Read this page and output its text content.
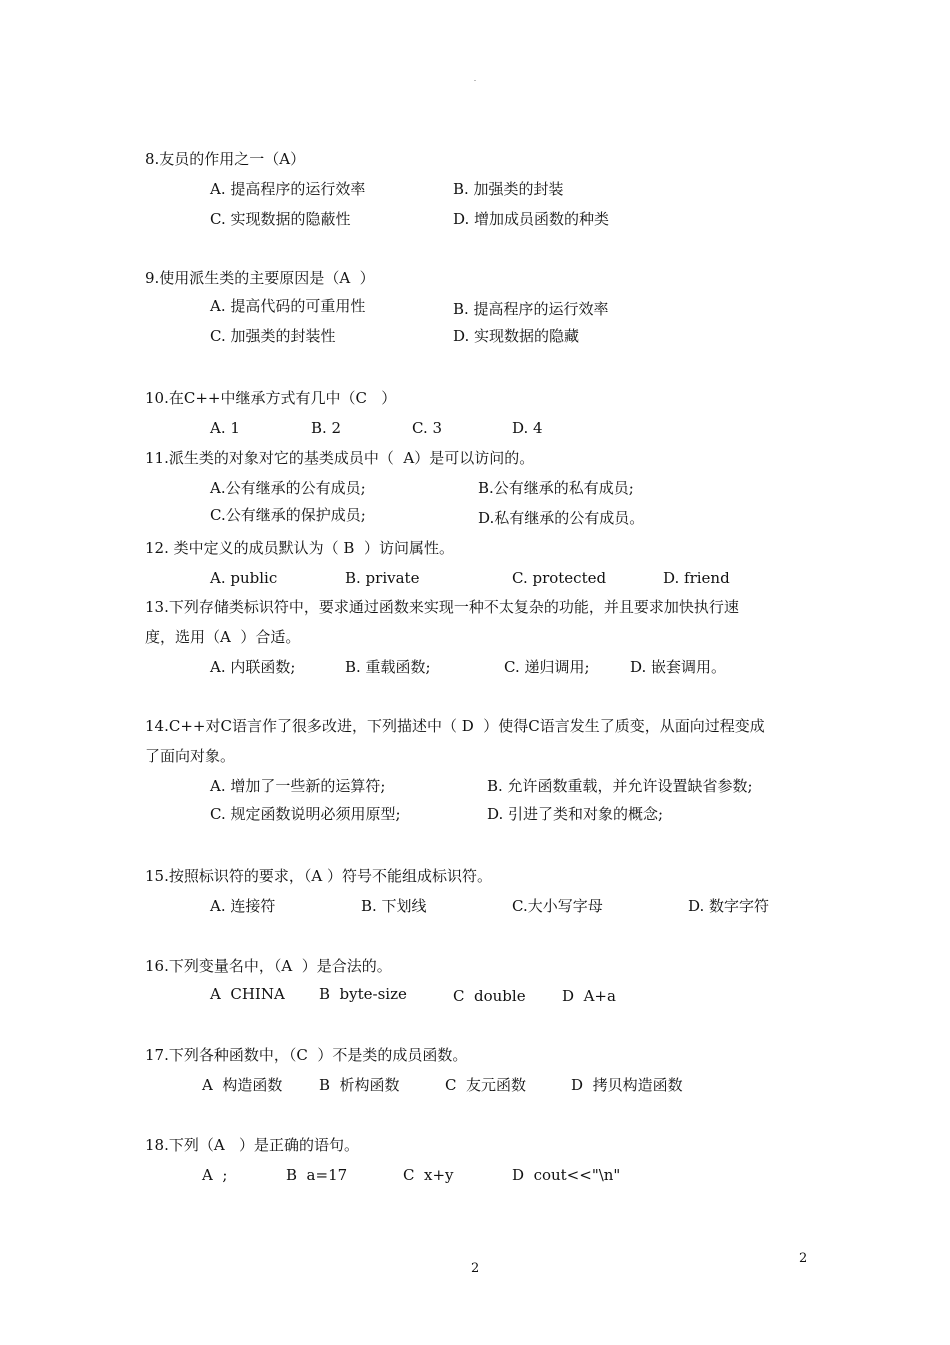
8.友员的作用之一（A）
A. 提高程序的运行效率	B. 加强类的封装
C. 实现数据的隐蔽性	D. 增加成员函数的种类
9.使用派生类的主要原因是（A  ）
A. 提高代码的可重用性	B. 提高程序的运行效率
C. 加强类的封装性	D. 实现数据的隐藏
10.在C++中继承方式有几中（C   ）
A. 1	B. 2	C. 3	D. 4
11.派生类的对象对它的基类成员中（  A）是可以访问的。
A.公有继承的公有成员;	B.公有继承的私有成员;
C.公有继承的保护成员;	D.私有继承的公有成员。
12. 类中定义的成员默认为（ B  ）访问属性。
A. public	B. private	C. protected	D. friend
13.下列存储类标识符中，要求通过函数来实现一种不太复杂的功能，并且要求加快执行速
度，选用（A  ）合适。
A. 内联函数;	B. 重载函数;	C. 递归调用;	D. 嵌套调用。
14.C++对C语言作了很多改进，下列描述中（ D  ）使得C语言发生了质变，从面向过程变成
了面向对象。
A. 增加了一些新的运算符;	B. 允许函数重载，并允许设置缺省参数;
C. 规定函数说明必须用原型;	D. 引进了类和对象的概念;
15.按照标识符的要求，（A ）符号不能组成标识符。
A. 连接符	B. 下划线	C.大小写字母	D. 数字字符
16.下列变量名中，（A  ）是合法的。
A  CHINA B  byte-size	C  double D  A+a
17.下列各种函数中，（C  ）不是类的成员函数。
A  构造函数 B  析构函数	C  友元函数	D  拷贝构造函数
18.下列（A   ）是正确的语句。
A  ;	B  a=17	C  x+y	D  cout<<"\n"
2
2
